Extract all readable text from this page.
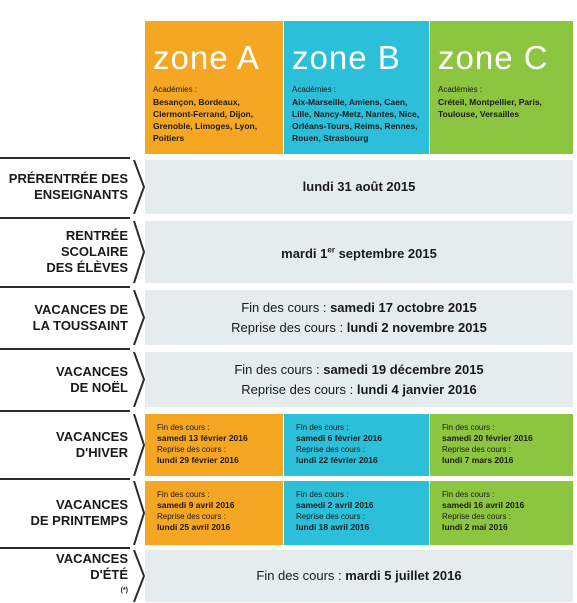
zone A
Académies :
Besançon, Bordeaux, Clermont-Ferrand, Dijon, Grenoble, Limoges, Lyon, Poitiers
zone B
Académies :
Aix-Marseille, Amiens, Caen, Lille, Nancy-Metz, Nantes, Nice, Orléans-Tours, Reims, Rennes, Rouen, Strasbourg
zone C
Académies :
Créteil, Montpellier, Paris, Toulouse, Versailles
PRÉRENTRÉE DES
ENSEIGNANTS
lundi 31 août 2015
RENTRÉE
SCOLAIRE
DES ÉLÈVES
mardi 1er septembre 2015
VACANCES DE
LA TOUSSAINT
Fin des cours : samedi 17 octobre 2015
Reprise des cours : lundi 2 novembre 2015
VACANCES
DE NOËL
Fin des cours : samedi 19 décembre 2015
Reprise des cours : lundi 4 janvier 2016
VACANCES
D'HIVER
Fin des cours :
samedi 13 février 2016
Reprise des cours :
lundi 29 février 2016
Fin des cours :
samedi 6 février 2016
Reprise des cours :
lundi 22 février 2016
Fin des cours :
samedi 20 février 2016
Reprise des cours :
lundi 7 mars 2016
VACANCES
DE PRINTEMPS
Fin des cours :
samedi 9 avril 2016
Reprise des cours :
lundi 25 avril 2016
Fin des cours :
samedi 2 avril 2016
Reprise des cours :
lundi 18 avril 2016
Fin des cours :
samedi 16 avril 2016
Reprise des cours :
lundi 2 mai 2016
VACANCES
D'ÉTÉ
(*)
Fin des cours : mardi 5 juillet 2016
